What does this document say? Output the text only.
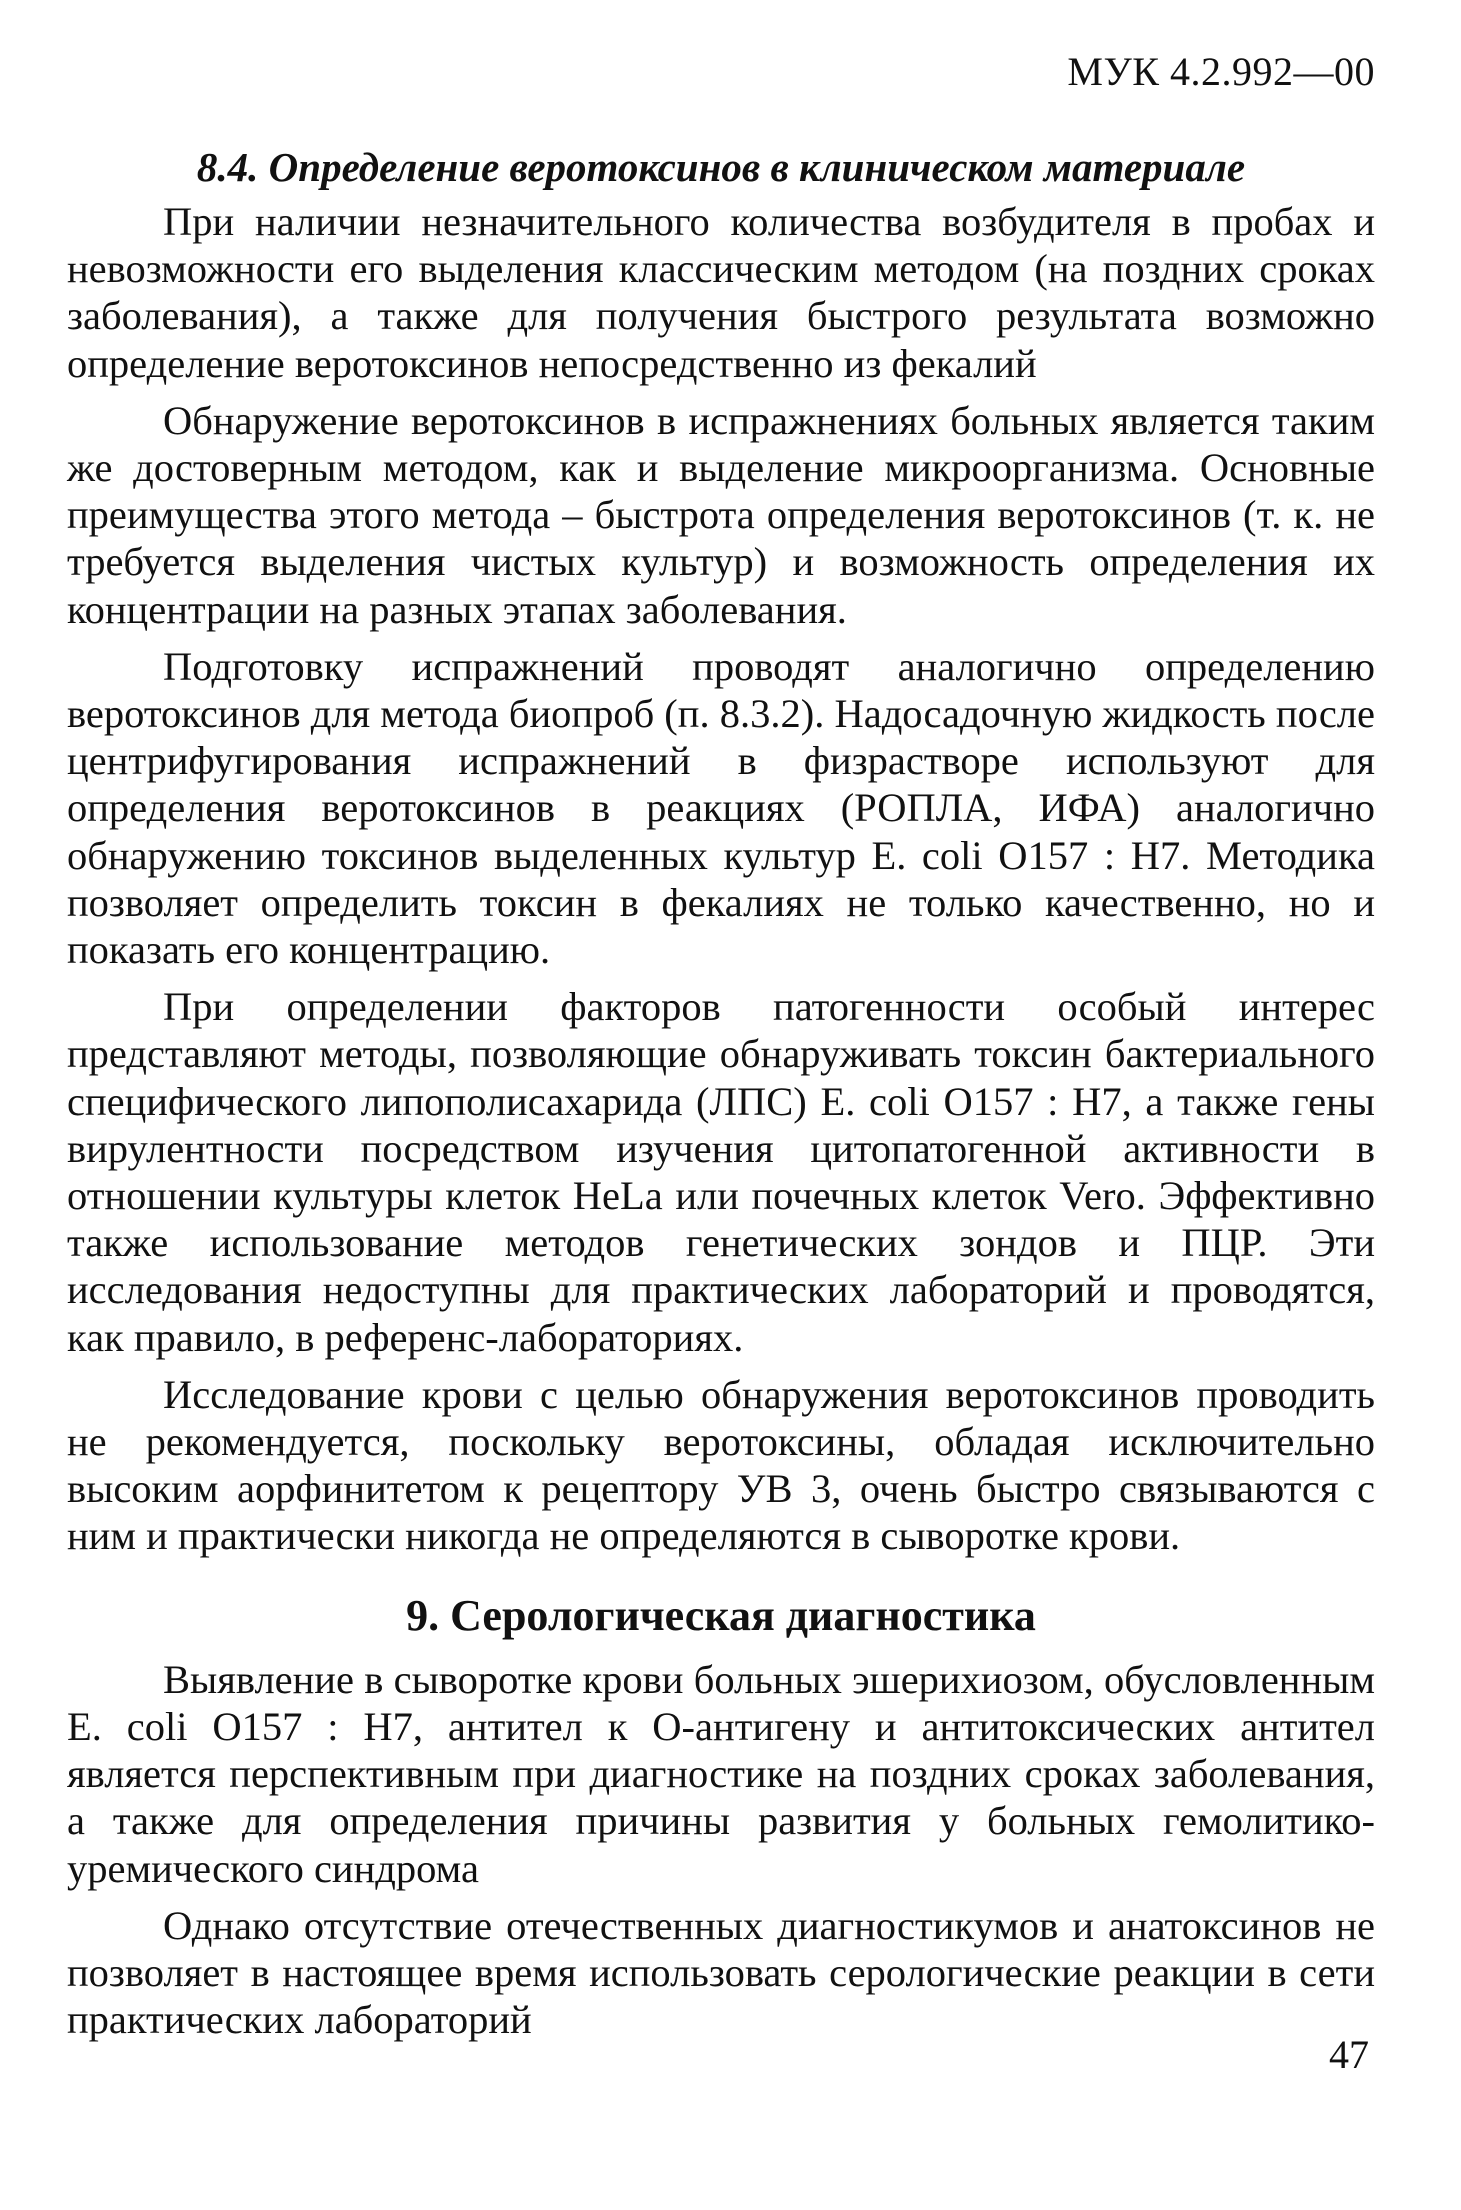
МУК 4.2.992—00
8.4. Определение веротоксинов в клиническом материале

При наличии незначительного количества возбудителя в пробах и невозможности его выделения классическим методом (на поздних сроках заболевания), а также для получения быстрого результата возможно определение веротоксинов непосредственно из фекалий

Обнаружение веротоксинов в испражнениях больных является таким же достоверным методом, как и выделение микроорганизма. Основные преимущества этого метода – быстрота определения веротоксинов (т. к. не требуется выделения чистых культур) и возможность определения их концентрации на разных этапах заболевания.

Подготовку испражнений проводят аналогично определению веротоксинов для метода биопроб (п. 8.3.2). Надосадочную жидкость после центрифугирования испражнений в физрастворе используют для определения веротоксинов в реакциях (РОПЛА, ИФА) аналогично обнаружению токсинов выделенных культур E. coli O157 : H7. Методика позволяет определить токсин в фекалиях не только качественно, но и показать его концентрацию.

При определении факторов патогенности особый интерес представляют методы, позволяющие обнаруживать токсин бактериального специфического липополисахарида (ЛПС) E. coli O157 : H7, а также гены вирулентности посредством изучения цитопатогенной активности в отношении культуры клеток HeLa или почечных клеток Vero. Эффективно также использование методов генетических зондов и ПЦР. Эти исследования недоступны для практических лабораторий и проводятся, как правило, в референс-лабораториях.

Исследование крови с целью обнаружения веротоксинов проводить не рекомендуется, поскольку веротоксины, обладая исключительно высоким аорфинитетом к рецептору УВ 3, очень быстро связываются с ним и практически никогда не определяются в сыворотке крови.

9. Серологическая диагностика

Выявление в сыворотке крови больных эшерихиозом, обусловленным E. coli O157 : H7, антител к О-антигену и антитоксических антител является перспективным при диагностике на поздних сроках заболевания, а также для определения причины развития у больных гемолитико-уремического синдрома

Однако отсутствие отечественных диагностикумов и анатоксинов не позволяет в настоящее время использовать серологические реакции в сети практических лабораторий

47
